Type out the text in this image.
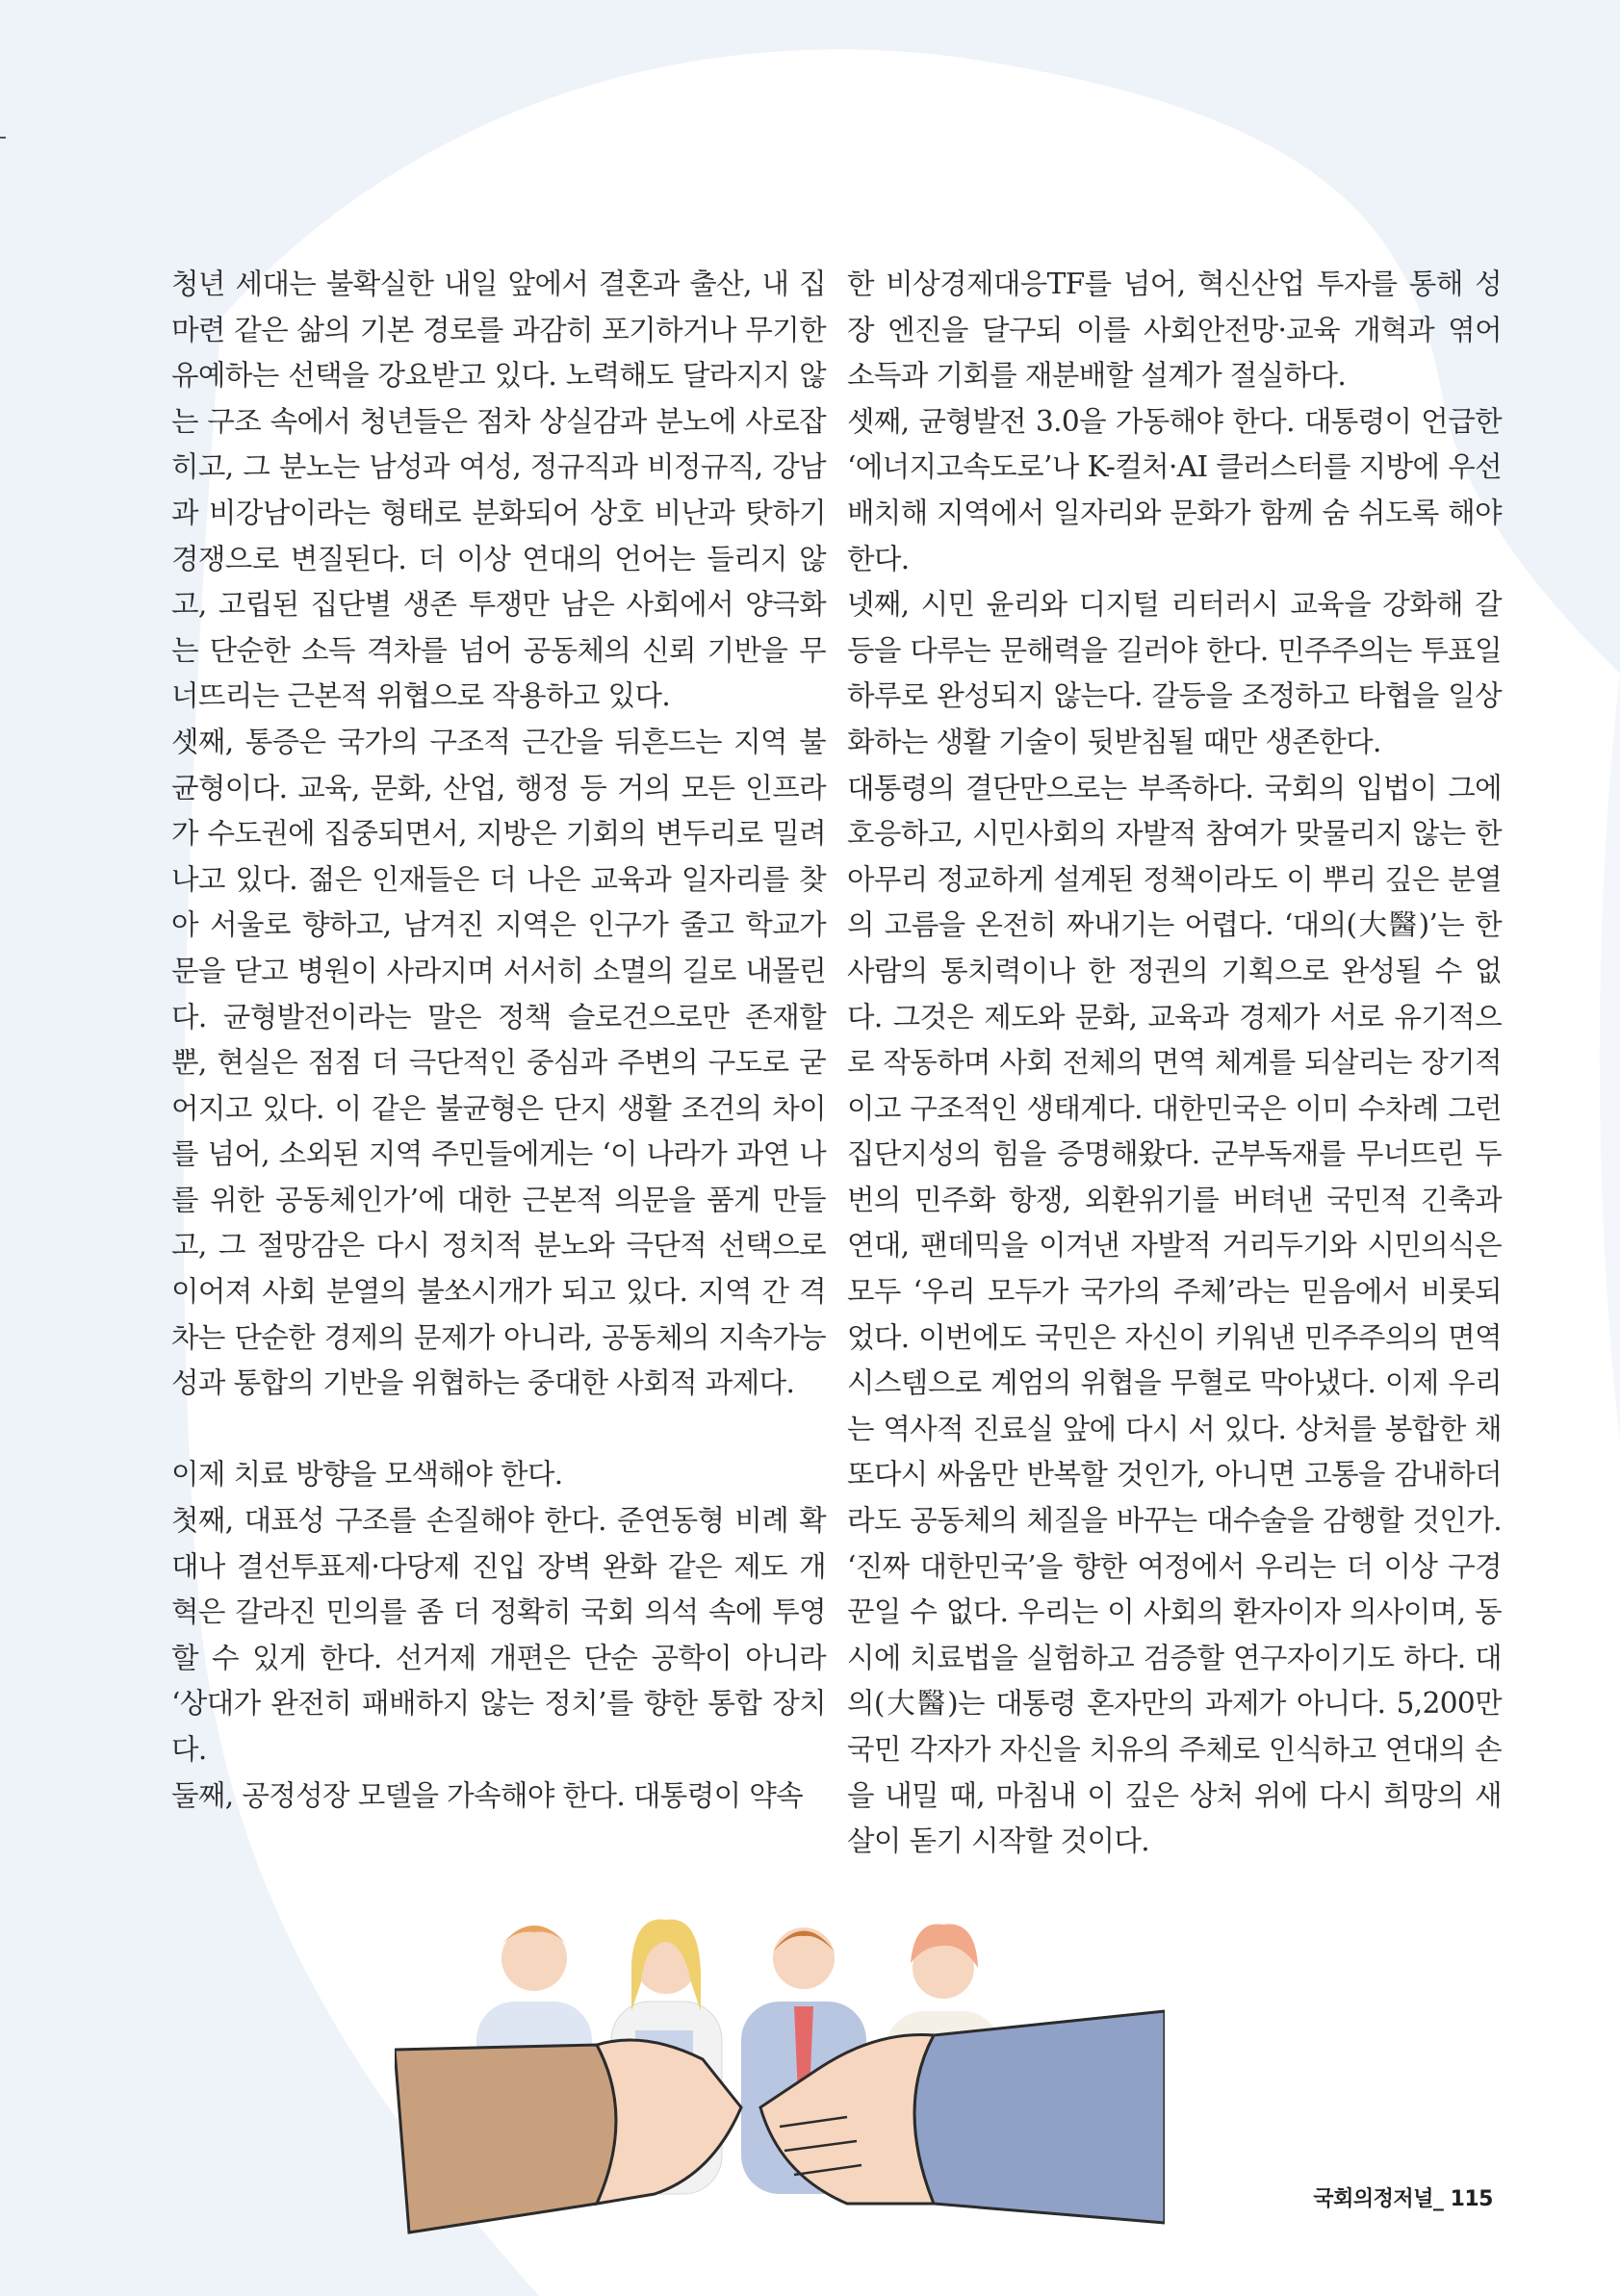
청년 세대는 불확실한 내일 앞에서 결혼과 출산, 내 집 마련 같은 삶의 기본 경로를 과감히 포기하거나 무기한 유예하는 선택을 강요받고 있다. 노력해도 달라지지 않는 구조 속에서 청년들은 점차 상실감과 분노에 사로잡히고, 그 분노는 남성과 여성, 정규직과 비정규직, 강남과 비강남이라는 형태로 분화되어 상호 비난과 탓하기 경쟁으로 변질된다. 더 이상 연대의 언어는 들리지 않고, 고립된 집단별 생존 투쟁만 남은 사회에서 양극화는 단순한 소득 격차를 넘어 공동체의 신뢰 기반을 무너뜨리는 근본적 위협으로 작용하고 있다.

셋째, 통증은 국가의 구조적 근간을 뒤흔드는 지역 불균형이다. 교육, 문화, 산업, 행정 등 거의 모든 인프라가 수도권에 집중되면서, 지방은 기회의 변두리로 밀려나고 있다. 젊은 인재들은 더 나은 교육과 일자리를 찾아 서울로 향하고, 남겨진 지역은 인구가 줄고 학교가 문을 닫고 병원이 사라지며 서서히 소멸의 길로 내몰린다. 균형발전이라는 말은 정책 슬로건으로만 존재할 뿐, 현실은 점점 더 극단적인 중심과 주변의 구도로 굳어지고 있다. 이 같은 불균형은 단지 생활 조건의 차이를 넘어, 소외된 지역 주민들에게는 ‘이 나라가 과연 나를 위한 공동체인가’에 대한 근본적 의문을 품게 만들고, 그 절망감은 다시 정치적 분노와 극단적 선택으로 이어져 사회 분열의 불쏘시개가 되고 있다. 지역 간 격차는 단순한 경제의 문제가 아니라, 공동체의 지속가능성과 통합의 기반을 위협하는 중대한 사회적 과제다.

이제 치료 방향을 모색해야 한다.

첫째, 대표성 구조를 손질해야 한다. 준연동형 비례 확대나 결선투표제·다당제 진입 장벽 완화 같은 제도 개혁은 갈라진 민의를 좀 더 정확히 국회 의석 속에 투영할 수 있게 한다. 선거제 개편은 단순 공학이 아니라 ‘상대가 완전히 패배하지 않는 정치’를 향한 통합 장치다.

둘째, 공정성장 모델을 가속해야 한다. 대통령이 약속

한 비상경제대응TF를 넘어, 혁신산업 투자를 통해 성장 엔진을 달구되 이를 사회안전망·교육 개혁과 엮어 소득과 기회를 재분배할 설계가 절실하다.

셋째, 균형발전 3.0을 가동해야 한다. 대통령이 언급한 ‘에너지고속도로’나 K-컬처·AI 클러스터를 지방에 우선 배치해 지역에서 일자리와 문화가 함께 숨 쉬도록 해야 한다.

넷째, 시민 윤리와 디지털 리터러시 교육을 강화해 갈등을 다루는 문해력을 길러야 한다. 민주주의는 투표일 하루로 완성되지 않는다. 갈등을 조정하고 타협을 일상화하는 생활 기술이 뒷받침될 때만 생존한다.

대통령의 결단만으로는 부족하다. 국회의 입법이 그에 호응하고, 시민사회의 자발적 참여가 맞물리지 않는 한 아무리 정교하게 설계된 정책이라도 이 뿌리 깊은 분열의 고름을 온전히 짜내기는 어렵다. ‘대의(大醫)’는 한 사람의 통치력이나 한 정권의 기획으로 완성될 수 없다. 그것은 제도와 문화, 교육과 경제가 서로 유기적으로 작동하며 사회 전체의 면역 체계를 되살리는 장기적이고 구조적인 생태계다. 대한민국은 이미 수차례 그런 집단지성의 힘을 증명해왔다. 군부독재를 무너뜨린 두 번의 민주화 항쟁, 외환위기를 버텨낸 국민적 긴축과 연대, 팬데믹을 이겨낸 자발적 거리두기와 시민의식은 모두 ‘우리 모두가 국가의 주체’라는 믿음에서 비롯되었다. 이번에도 국민은 자신이 키워낸 민주주의의 면역 시스템으로 계엄의 위협을 무혈로 막아냈다. 이제 우리는 역사적 진료실 앞에 다시 서 있다. 상처를 봉합한 채 또다시 싸움만 반복할 것인가, 아니면 고통을 감내하더라도 공동체의 체질을 바꾸는 대수술을 감행할 것인가. ‘진짜 대한민국’을 향한 여정에서 우리는 더 이상 구경꾼일 수 없다. 우리는 이 사회의 환자이자 의사이며, 동시에 치료법을 실험하고 검증할 연구자이기도 하다. 대의(大醫)는 대통령 혼자만의 과제가 아니다. 5,200만 국민 각자가 자신을 치유의 주체로 인식하고 연대의 손을 내밀 때, 마침내 이 깊은 상처 위에 다시 희망의 새 살이 돋기 시작할 것이다.

국회의정저널_ 115
